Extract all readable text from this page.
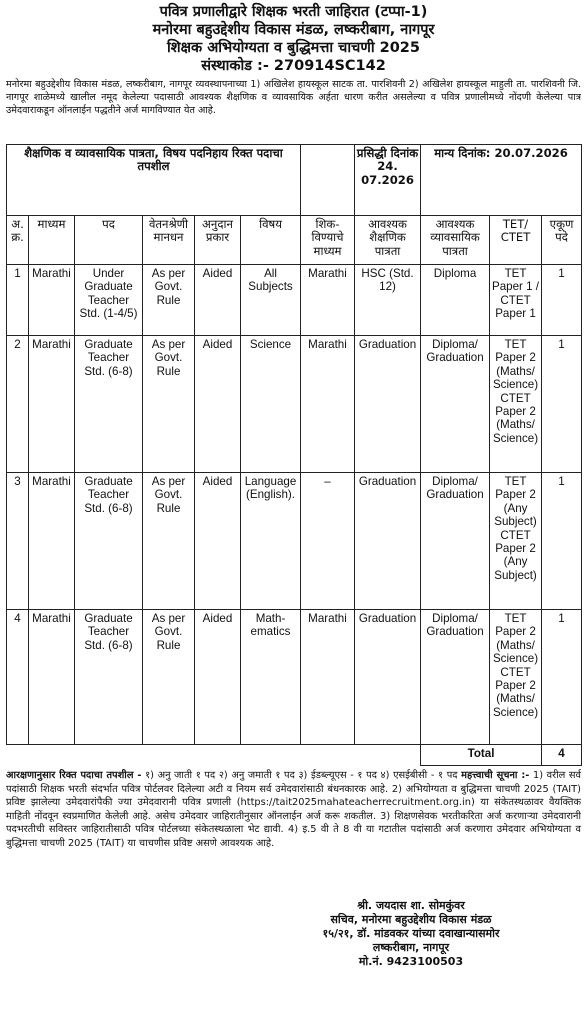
पवित्र प्रणालीद्वारे शिक्षक भरती जाहिरात (टप्पा-1)
मनोरमा बहुउद्देशीय विकास मंडळ, लष्करीबाग, नागपूर
शिक्षक अभियोग्यता व बुद्धिमत्ता चाचणी 2025
संस्थाकोड :- 270914SC142
मनोरमा बहुउद्देशीय विकास मंडळ, लष्करीबाग, नागपूर व्यवस्थापनाच्या 1) अखिलेश हायस्कूल साटक ता. पारशिवनी 2) अखिलेश हायस्कूल माहुली ता. पारशिवनी जि. नागपूर शाळेमध्ये खालील नमूद केलेल्या पदासाठी आवश्यक शैक्षणिक व व्यावसायिक अर्हता धारण करीत असलेल्या व पवित्र प्रणालीमध्ये नोंदणी केलेल्या पात्र उमेदवाराकडून ऑनलाईन पद्धतीने अर्ज मागविण्यात येत आहे.
शैक्षणिक व व्यावसायिक पात्रता, विषय पदनिहाय रिक्त पदाचा तपशील							प्रसिद्धी दिनांक 24. 07.2026	मान्य दिनांक: 20.07.2026		
अ. क्र.	माध्यम	पद	वेतनश्रेणी मानधन	अनुदान प्रकार	विषय	शिक- विण्याचे माध्यम	आवश्यक शैक्षणिक पात्रता	आवश्यक व्यावसायिक पात्रता	TET/ CTET	एकूण पदे
1	Marathi	Under Graduate Teacher Std. (1-4/5)	As per Govt. Rule	Aided	All Subjects	Marathi	HSC (Std. 12)	Diploma	TET Paper 1 / CTET Paper 1	1
2	Marathi	Graduate Teacher Std. (6-8)	As per Govt. Rule	Aided	Science	Marathi	Graduation	Diploma/ Graduation	TET Paper 2 (Maths/ Science) CTET Paper 2 (Maths/ Science)	1
3	Marathi	Graduate Teacher Std. (6-8)	As per Govt. Rule	Aided	Language (English).	–	Graduation	Diploma/ Graduation	TET Paper 2 (Any Subject) CTET Paper 2 (Any Subject)	1
4	Marathi	Graduate Teacher Std. (6-8)	As per Govt. Rule	Aided	Math- ematics	Marathi	Graduation	Diploma/ Graduation	TET Paper 2 (Maths/ Science) CTET Paper 2 (Maths/ Science)	1
								Total		4
आरक्षणानुसार रिक्त पदाचा तपशील - १) अनु जाती १ पद २) अनु जमाती १ पद ३) ईडब्ल्यूएस - १ पद ४) एसईबीसी - १ पद महत्त्वाची सूचना :- 1) वरील सर्व पदांसाठी शिक्षक भरती संदर्भात पवित्र पोर्टलवर दिलेल्या अटी व नियम सर्व उमेदवारांसाठी बंधनकारक आहे. 2) अभियोग्यता व बुद्धिमत्ता चाचणी 2025 (TAIT) प्रविष्ट झालेल्या उमेदवारांपैकी ज्या उमेदवारानी पवित्र प्रणाली (https://tait2025mahateacherrecruitment.org.in) या संकेतस्थळावर वैयक्तिक माहिती नोंदवून स्वप्रमाणित केलेली आहे. असेच उमेदवार जाहिरातीनुसार ऑनलाईन अर्ज करू शकतील. 3) शिक्षणसेवक भरतीकरिता अर्ज करणाऱ्या उमेदवारानी पदभरतीची सविस्तर जाहिरातीसाठी पवित्र पोर्टलच्या संकेतस्थळाला भेट द्यावी. 4) इ.5 वी ते 8 वी या गटातील पदांसाठी अर्ज करणारा उमेदवार अभियोग्यता व बुद्धिमत्ता चाचणी 2025 (TAIT) या चाचणीस प्रविष्ट असणे आवश्यक आहे.
श्री. जयदास शा. सोमकुंवर
सचिव, मनोरमा बहुउद्देशीय विकास मंडळ
१५/२१, डॉ. मांडवकर यांच्या दवाखान्यासमोर
लष्करीबाग, नागपूर
मो.नं. 9423100503
